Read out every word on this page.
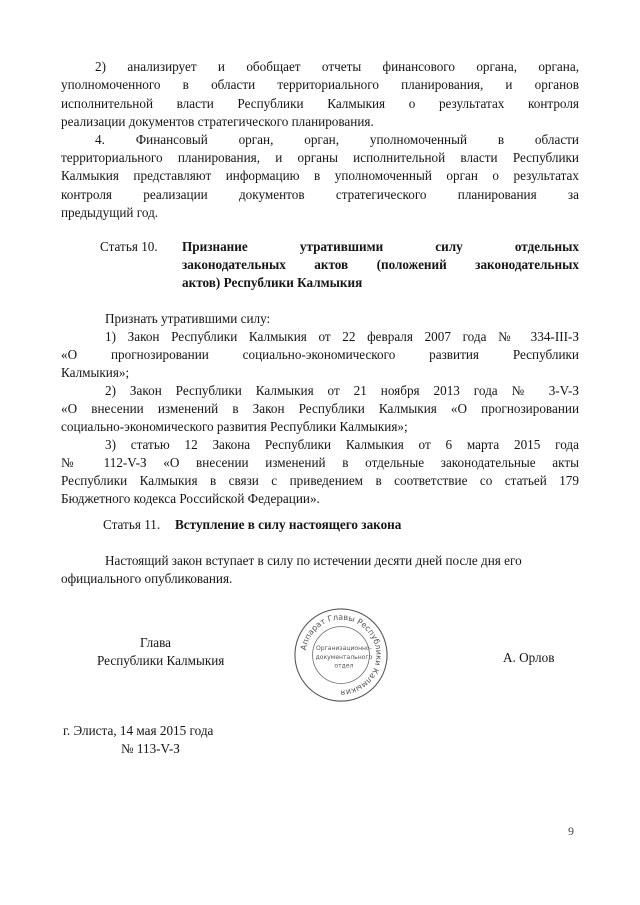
2) анализирует и обобщает отчеты финансового органа, органа,
уполномоченного в области территориального планирования, и органов
исполнительной власти Республики Калмыкия о результатах контроля
реализации документов стратегического планирования.
4. Финансовый орган, орган, уполномоченный в области
территориального планирования, и органы исполнительной власти Республики
Калмыкия представляют информацию в уполномоченный орган о результатах
контроля реализации документов стратегического планирования за
предыдущий год.
Статья 10.	Признание утратившими силу отдельных
законодательных актов (положений законодательных
актов) Республики Калмыкия
Признать утратившими силу:
1) Закон Республики Калмыкия от 22 февраля 2007 года № 334-III-З
«О прогнозировании социально-экономического развития Республики
Калмыкия»;
2) Закон Республики Калмыкия от 21 ноября 2013 года № 3-V-З
«О внесении изменений в Закон Республики Калмыкия «О прогнозировании
социально-экономического развития Республики Калмыкия»;
3) статью 12 Закона Республики Калмыкия от 6 марта 2015 года
№ 112-V-З «О внесении изменений в отдельные законодательные акты
Республики Калмыкия в связи с приведением в соответствие со статьей 179
Бюджетного кодекса Российской Федерации».
Статья 11.	Вступление в силу настоящего закона
Настоящий закон вступает в силу по истечении десяти дней после дня его
официального опубликования.
Глава
Республики Калмыкия	А. Орлов
Аппарат Главы Республики Калмыкия
Организационно-
документального
отдел
г. Элиста, 14 мая 2015 года
№ 113-V-З
9
